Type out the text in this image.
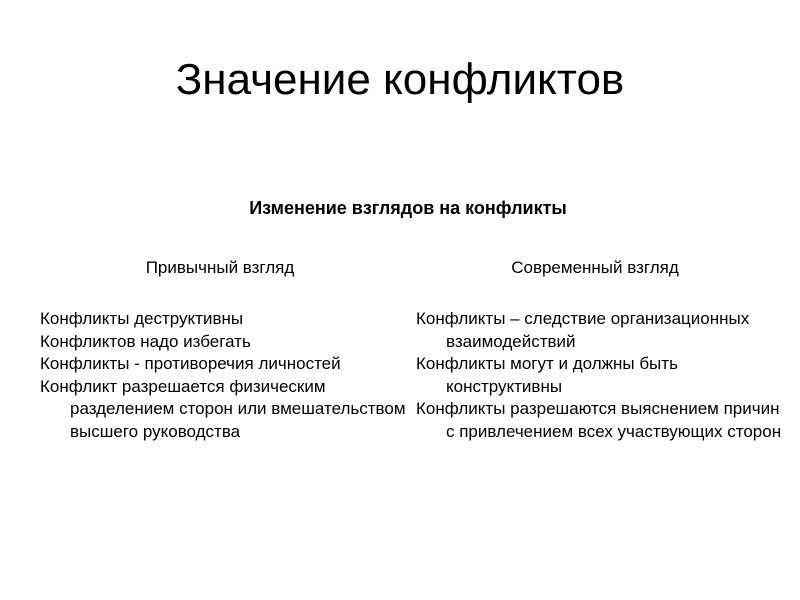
Значение конфликтов
Изменение взглядов на конфликты
Привычный взгляд
Конфликты деструктивны
Конфликтов надо избегать
Конфликты - противоречия личностей
Конфликт разрешается физическим разделением сторон или вмешательством высшего руководства
Современный взгляд
Конфликты – следствие организационных взаимодействий
Конфликты могут и должны быть конструктивны
Конфликты разрешаются выяснением причин с привлечением всех участвующих сторон
